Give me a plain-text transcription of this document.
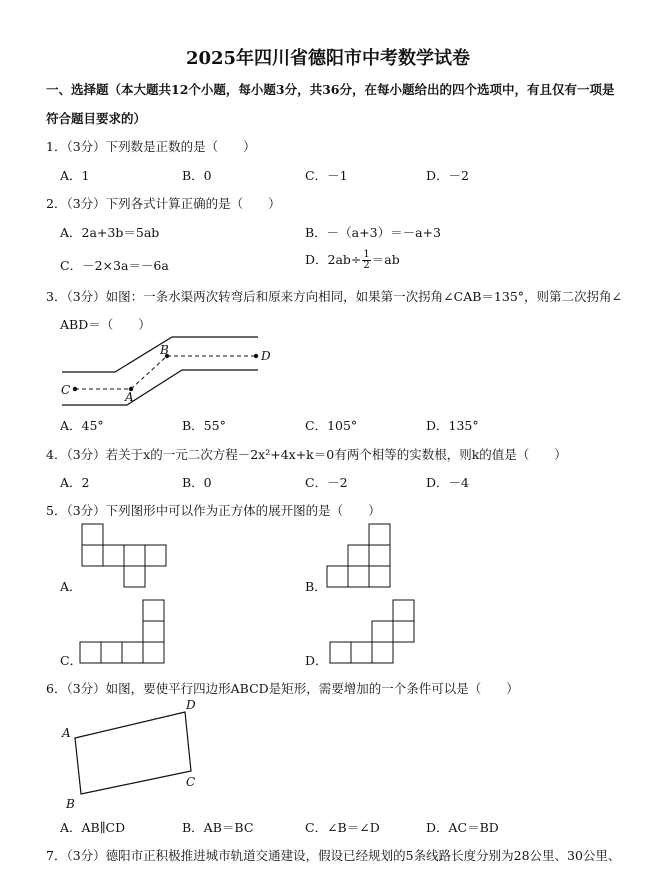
2025年四川省德阳市中考数学试卷
一、选择题（本大题共12个小题，每小题3分，共36分，在每小题给出的四个选项中，有且仅有一项是
符合题目要求的）
1．（3分）下列数是正数的是（　　）
A．1	B．0	C．－1	D．－2
2．（3分）下列各式计算正确的是（　　）
A．2a+3b＝5ab	B．－（a+3）＝－a+3
C．－2×3a＝－6a	D．$2ab\div \frac{1}{2} =ab$
3．（3分）如图：一条水渠两次转弯后和原来方向相同，如果第一次拐角∠CAB＝135°，则第二次拐角∠
ABD＝（　　）
C	A
B	D
A．45°	B．55°	C．105°	D．135°
4．（3分）若关于x的一元二次方程－2x²+4x+k＝0有两个相等的实数根，则k的值是（　　）
A．2	B．0	C．－2	D．－4
5．（3分）下列图形中可以作为正方体的展开图的是（　　）
A．	B．
C．	D．
6．（3分）如图，要使平行四边形ABCD是矩形，需要增加的一个条件可以是（　　）
A
D
C
B
A．AB∥CD	B．AB＝BC	C．∠B＝∠D	D．AC＝BD
7．（3分）德阳市正积极推进城市轨道交通建设，假设已经规划的5条线路长度分别为28公里、30公里、
